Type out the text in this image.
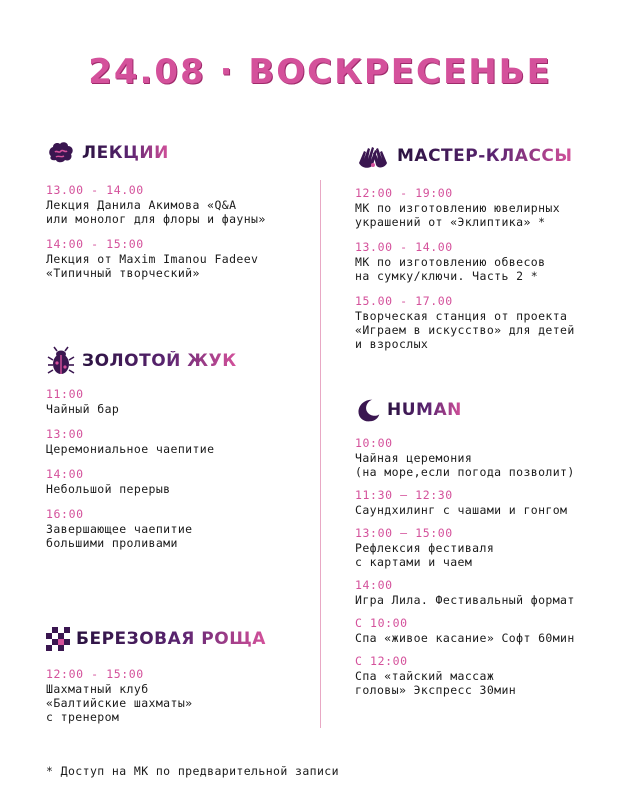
24.08 · ВОСКРЕСЕНЬЕ
ЛЕКЦИИ
13.00 - 14.00
Лекция Данила Акимова «Q&A
или монолог для флоры и фауны»
14:00 - 15:00
Лекция от Maxim Imanou Fadeev
«Типичный творческий»
ЗОЛОТОЙ ЖУК
11:00
Чайный бар
13:00
Церемониальное чаепитие
14:00
Небольшой перерыв
16:00
Завершающее чаепитие
большими проливами
БЕРЕЗОВАЯ РОЩА
12:00 - 15:00
Шахматный клуб
«Балтийские шахматы»
с тренером
МАСТЕР-КЛАССЫ
12:00 - 19:00
МК по изготовлению ювелирных
украшений от «Эклиптика» *
13.00 - 14.00
МК по изготовлению обвесов
на сумку/ключи. Часть 2 *
15.00 - 17.00
Творческая станция от проекта
«Играем в искусство» для детей
и взрослых
HUMAN
10:00
Чайная церемония
(на море,если погода позволит)
11:30 – 12:30
Саундхилинг с чашами и гонгом
13:00 – 15:00
Рефлексия фестиваля
с картами и чаем
14:00
Игра Лила. Фестивальный формат
С 10:00
Спа «живое касание» Софт 60мин
С 12:00
Спа «тайский массаж
головы» Экспресс 30мин
* Доступ на МК по предварительной записи
